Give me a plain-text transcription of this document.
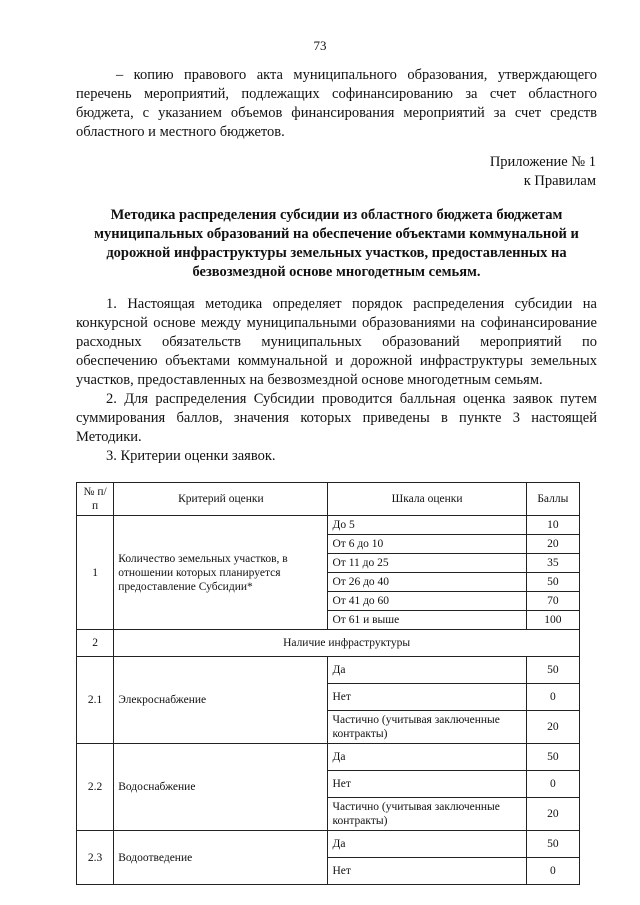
73
– копию правового акта муниципального образования, утверждающего перечень мероприятий, подлежащих софинансированию за счет областного бюджета, с указанием объемов финансирования мероприятий за счет средств областного и местного бюджетов.
Приложение № 1
к Правилам
Методика распределения субсидии из областного бюджета бюджетам муниципальных образований на обеспечение объектами коммунальной и дорожной инфраструктуры земельных участков, предоставленных на безвозмездной основе многодетным семьям.

1. Настоящая методика определяет порядок распределения субсидии на конкурсной основе между муниципальными образованиями на софинансирование расходных обязательств муниципальных образований мероприятий по обеспечению объектами коммунальной и дорожной инфраструктуры земельных участков, предоставленных на безвозмездной основе многодетным семьям.

2. Для распределения Субсидии проводится балльная оценка заявок путем суммирования баллов, значения которых приведены в пункте 3 настоящей Методики.

3. Критерии оценки заявок.

№ п/п	Критерий оценки	Шкала оценки	Баллы
1	Количество земельных участков, в отношении которых планируется предоставление Субсидии*	До 5	10
		От 6 до 10	20
		От 11 до 25	35
		От 26 до 40	50
		От 41 до 60	70
		От 61 и выше	100
2	Наличие инфраструктуры		
2.1	Элекроснабжение	Да	50
		Нет	0
		Частично (учитывая заключенные контракты)	20
2.2	Водоснабжение	Да	50
		Нет	0
		Частично (учитывая заключенные контракты)	20
2.3	Водоотведение	Да	50
		Нет	0
